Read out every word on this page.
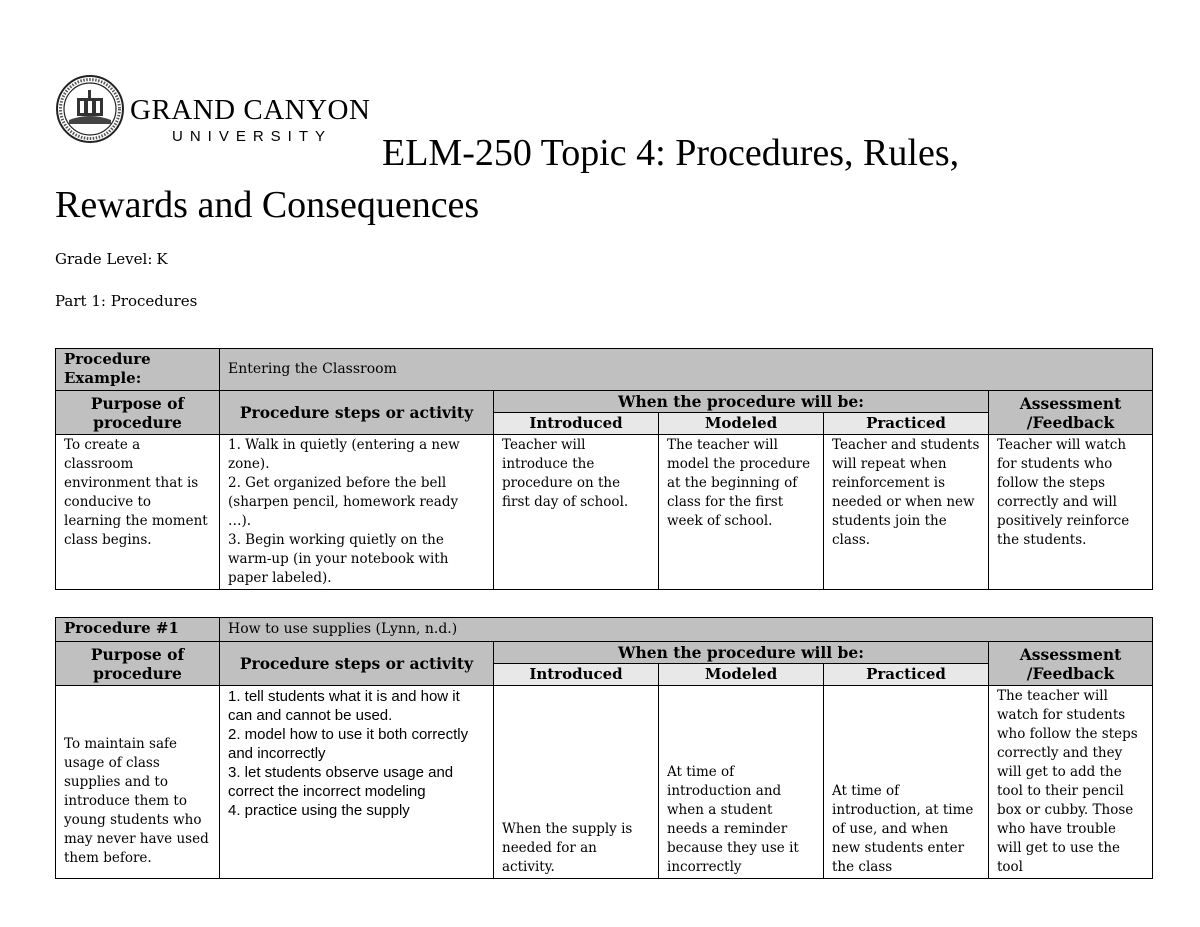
GRAND CANYON
UNIVERSITY ELM-250 Topic 4: Procedures, Rules,
Rewards and Consequences
Grade Level: K
Part 1: Procedures
Procedure Example:	Entering the Classroom				
Purpose of procedure	Procedure steps or activity	When the procedure will be:			Assessment /Feedback
		Introduced	Modeled	Practiced	
To create a classroom environment that is conducive to learning the moment class begins.	1. Walk in quietly (entering a new zone).
2. Get organized before the bell (sharpen pencil, homework ready …).
3. Begin working quietly on the warm-up (in your notebook with paper labeled).	Teacher will introduce the procedure on the first day of school.	The teacher will model the procedure at the beginning of class for the first week of school.	Teacher and students will repeat when reinforcement is needed or when new students join the class.	Teacher will watch for students who follow the steps correctly and will positively reinforce the students.
Procedure #1	How to use supplies (Lynn, n.d.)				
Purpose of procedure	Procedure steps or activity	When the procedure will be:			Assessment /Feedback
		Introduced	Modeled	Practiced	
To maintain safe usage of class supplies and to introduce them to young students who may never have used them before.	1. tell students what it is and how it can and cannot be used.
2. model how to use it both correctly and incorrectly
3. let students observe usage and correct the incorrect modeling
4. practice using the supply	When the supply is needed for an activity.	At time of introduction and when a student needs a reminder because they use it incorrectly	At time of introduction, at time of use, and when new students enter the class	The teacher will watch for students who follow the steps correctly and they will get to add the tool to their pencil box or cubby. Those who have trouble will get to use the tool
